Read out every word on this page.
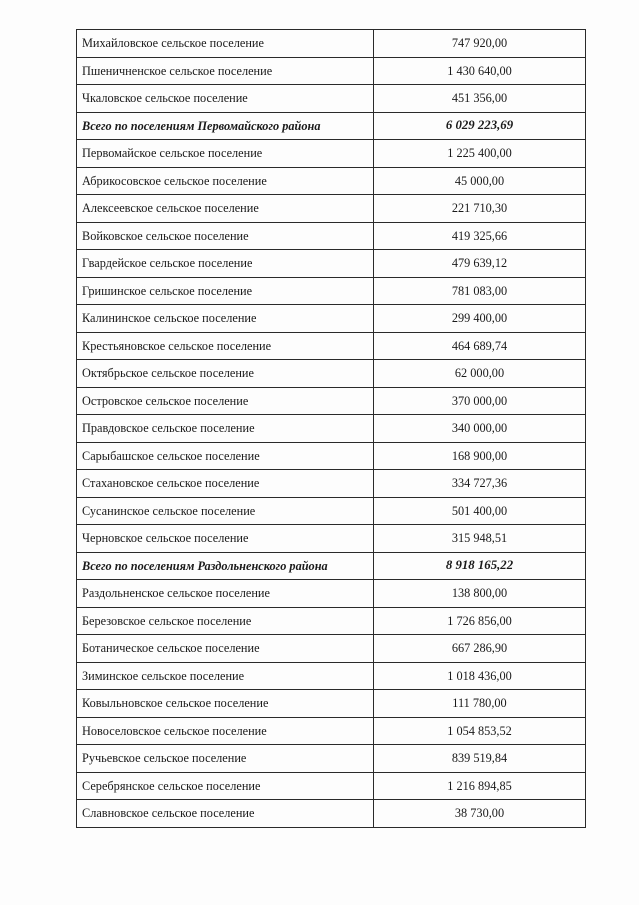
Михайловское сельское поселение	747 920,00
Пшеничненское сельское поселение	1 430 640,00
Чкаловское сельское поселение	451 356,00
Всего по поселениям Первомайского района	6 029 223,69
Первомайское сельское поселение	1 225 400,00
Абрикосовское сельское поселение	45 000,00
Алексеевское сельское поселение	221 710,30
Войковское сельское поселение	419 325,66
Гвардейское сельское поселение	479 639,12
Гришинское сельское поселение	781 083,00
Калининское сельское поселение	299 400,00
Крестьяновское сельское поселение	464 689,74
Октябрьское сельское поселение	62 000,00
Островское сельское поселение	370 000,00
Правдовское сельское поселение	340 000,00
Сарыбашское сельское поселение	168 900,00
Стахановское сельское поселение	334 727,36
Сусанинское сельское поселение	501 400,00
Черновское сельское поселение	315 948,51
Всего по поселениям Раздольненского района	8 918 165,22
Раздольненское сельское поселение	138 800,00
Березовское сельское поселение	1 726 856,00
Ботаническое сельское поселение	667 286,90
Зиминское сельское поселение	1 018 436,00
Ковыльновское сельское поселение	111 780,00
Новоселовское сельское поселение	1 054 853,52
Ручьевское сельское поселение	839 519,84
Серебрянское сельское поселение	1 216 894,85
Славновское сельское поселение	38 730,00
